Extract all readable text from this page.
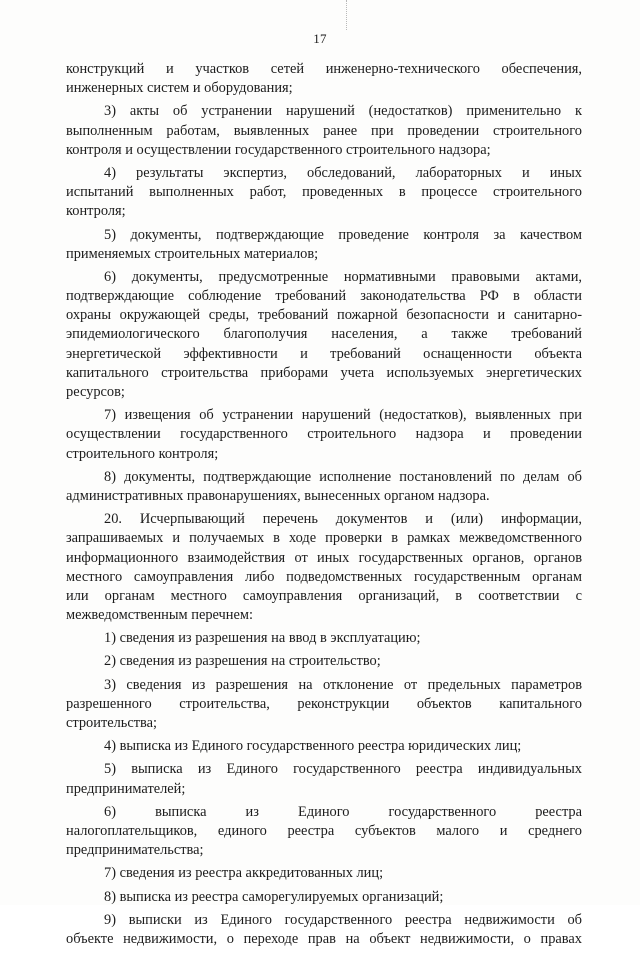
17
конструкций и участков сетей инженерно-технического обеспечения,
инженерных систем и оборудования;
3) акты об устранении нарушений (недостатков) применительно к
выполненным работам, выявленных ранее при проведении строительного
контроля и осуществлении государственного строительного надзора;
4) результаты экспертиз, обследований, лабораторных и иных
испытаний выполненных работ, проведенных в процессе строительного
контроля;
5) документы, подтверждающие проведение контроля за качеством
применяемых строительных материалов;
6) документы, предусмотренные нормативными правовыми актами,
подтверждающие соблюдение требований законодательства РФ в области
охраны окружающей среды, требований пожарной безопасности и санитарно-
эпидемиологического благополучия населения, а также требований
энергетической эффективности и требований оснащенности объекта
капитального строительства приборами учета используемых энергетических
ресурсов;
7) извещения об устранении нарушений (недостатков), выявленных при
осуществлении государственного строительного надзора и проведении
строительного контроля;
8) документы, подтверждающие исполнение постановлений по делам об
административных правонарушениях, вынесенных органом надзора.
20. Исчерпывающий перечень документов и (или) информации,
запрашиваемых и получаемых в ходе проверки в рамках межведомственного
информационного взаимодействия от иных государственных органов, органов
местного самоуправления либо подведомственных государственным органам
или органам местного самоуправления организаций, в соответствии с
межведомственным перечнем:
1) сведения из разрешения на ввод в эксплуатацию;
2) сведения из разрешения на строительство;
3) сведения из разрешения на отклонение от предельных параметров
разрешенного строительства, реконструкции объектов капитального
строительства;
4) выписка из Единого государственного реестра юридических лиц;
5) выписка из Единого государственного реестра индивидуальных
предпринимателей;
6) выписка из Единого государственного реестра
налогоплательщиков, единого реестра субъектов малого и среднего
предпринимательства;
7) сведения из реестра аккредитованных лиц;
8) выписка из реестра саморегулируемых организаций;
9) выписки из Единого государственного реестра недвижимости об
объекте недвижимости, о переходе прав на объект недвижимости, о правах
